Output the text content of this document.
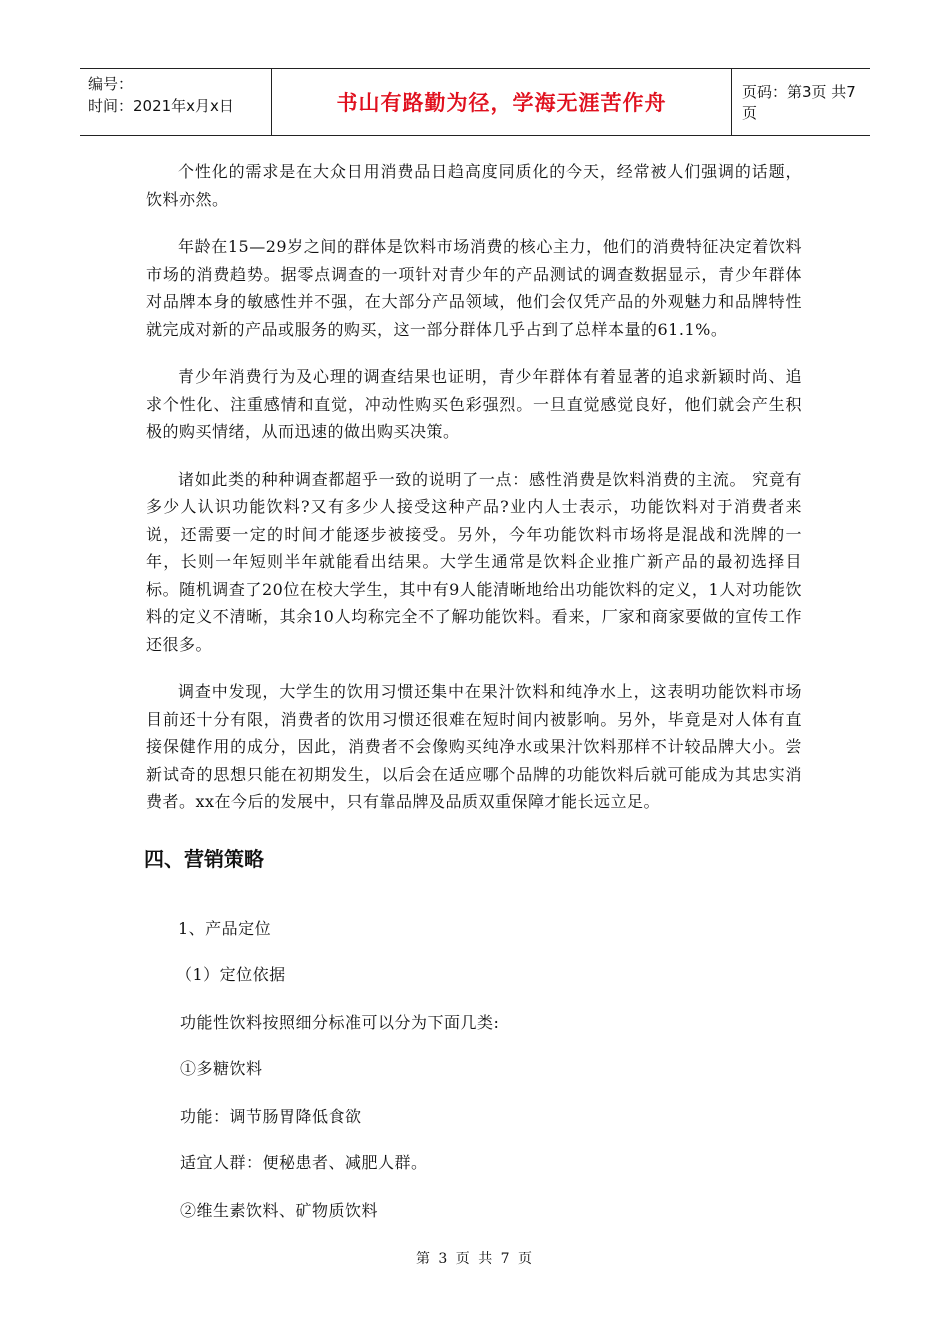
编号：
时间：2021年x月x日	书山有路勤为径，学海无涯苦作舟	页码：第3页 共7页

个性化的需求是在大众日用消费品日趋高度同质化的今天，经常被人们强调的话题，饮料亦然。

年龄在15—29岁之间的群体是饮料市场消费的核心主力，他们的消费特征决定着饮料市场的消费趋势。据零点调查的一项针对青少年的产品测试的调查数据显示，青少年群体对品牌本身的敏感性并不强，在大部分产品领域，他们会仅凭产品的外观魅力和品牌特性就完成对新的产品或服务的购买，这一部分群体几乎占到了总样本量的61.1%。

青少年消费行为及心理的调查结果也证明，青少年群体有着显著的追求新颖时尚、追求个性化、注重感情和直觉，冲动性购买色彩强烈。一旦直觉感觉良好，他们就会产生积极的购买情绪，从而迅速的做出购买决策。

诸如此类的种种调查都超乎一致的说明了一点：感性消费是饮料消费的主流。 究竟有多少人认识功能饮料?又有多少人接受这种产品?业内人士表示，功能饮料对于消费者来说，还需要一定的时间才能逐步被接受。另外，今年功能饮料市场将是混战和洗牌的一年，长则一年短则半年就能看出结果。大学生通常是饮料企业推广新产品的最初选择目标。随机调查了20位在校大学生，其中有9人能清晰地给出功能饮料的定义，1人对功能饮料的定义不清晰，其余10人均称完全不了解功能饮料。看来，厂家和商家要做的宣传工作还很多。

调查中发现，大学生的饮用习惯还集中在果汁饮料和纯净水上，这表明功能饮料市场目前还十分有限，消费者的饮用习惯还很难在短时间内被影响。另外，毕竟是对人体有直接保健作用的成分，因此，消费者不会像购买纯净水或果汁饮料那样不计较品牌大小。尝新试奇的思想只能在初期发生，以后会在适应哪个品牌的功能饮料后就可能成为其忠实消费者。xx在今后的发展中，只有靠品牌及品质双重保障才能长远立足。

四、营销策略
1、产品定位
（1）定位依据
功能性饮料按照细分标准可以分为下面几类:
①多糖饮料
功能：调节肠胃降低食欲
适宜人群：便秘患者、减肥人群。
②维生素饮料、矿物质饮料
第 3 页 共 7 页
